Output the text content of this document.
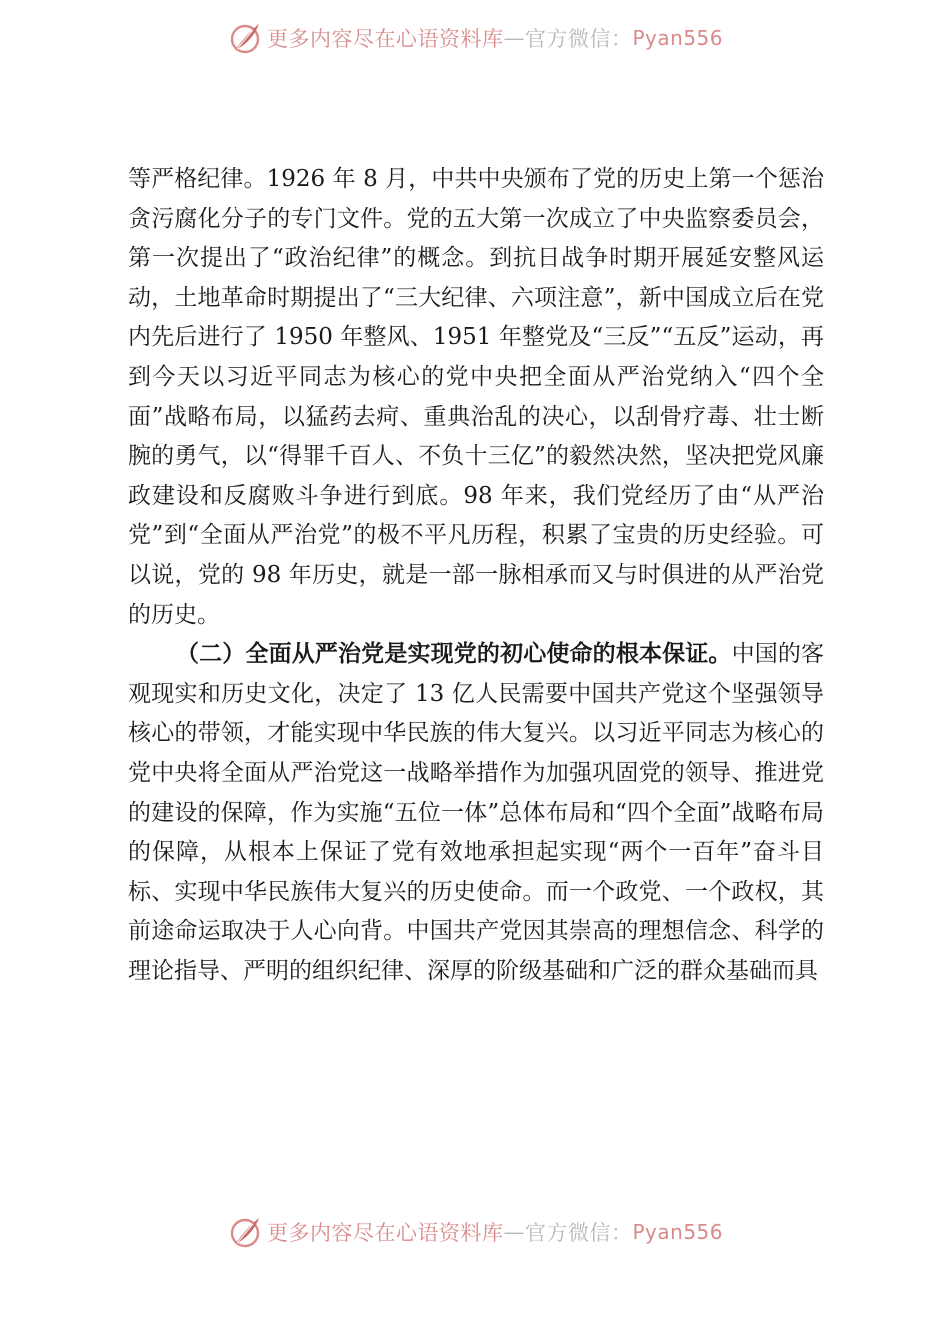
更多内容尽在心语资料库 — 官方微信： Pyan556

等严格纪律。1926 年 8 月，中共中央颁布了党的历史上第一个惩治贪污腐化分子的专门文件。党的五大第一次成立了中央监察委员会，第一次提出了“政治纪律”的概念。到抗日战争时期开展延安整风运动，土地革命时期提出了“三大纪律、六项注意”，新中国成立后在党内先后进行了 1950 年整风、1951 年整党及“三反”“五反”运动，再到今天以习近平同志为核心的党中央把全面从严治党纳入“四个全面”战略布局，以猛药去疴、重典治乱的决心，以刮骨疗毒、壮士断腕的勇气，以“得罪千百人、不负十三亿”的毅然决然，坚决把党风廉政建设和反腐败斗争进行到底。98 年来，我们党经历了由“从严治党”到“全面从严治党”的极不平凡历程，积累了宝贵的历史经验。可以说，党的 98 年历史，就是一部一脉相承而又与时俱进的从严治党的历史。

（二）全面从严治党是实现党的初心使命的根本保证。中国的客观现实和历史文化，决定了 13 亿人民需要中国共产党这个坚强领导核心的带领，才能实现中华民族的伟大复兴。以习近平同志为核心的党中央将全面从严治党这一战略举措作为加强巩固党的领导、推进党的建设的保障，作为实施“五位一体”总体布局和“四个全面”战略布局的保障，从根本上保证了党有效地承担起实现“两个一百年”奋斗目标、实现中华民族伟大复兴的历史使命。而一个政党、一个政权，其前途命运取决于人心向背。中国共产党因其崇高的理想信念、科学的理论指导、严明的组织纪律、深厚的阶级基础和广泛的群众基础而具

更多内容尽在心语资料库 — 官方微信： Pyan556
